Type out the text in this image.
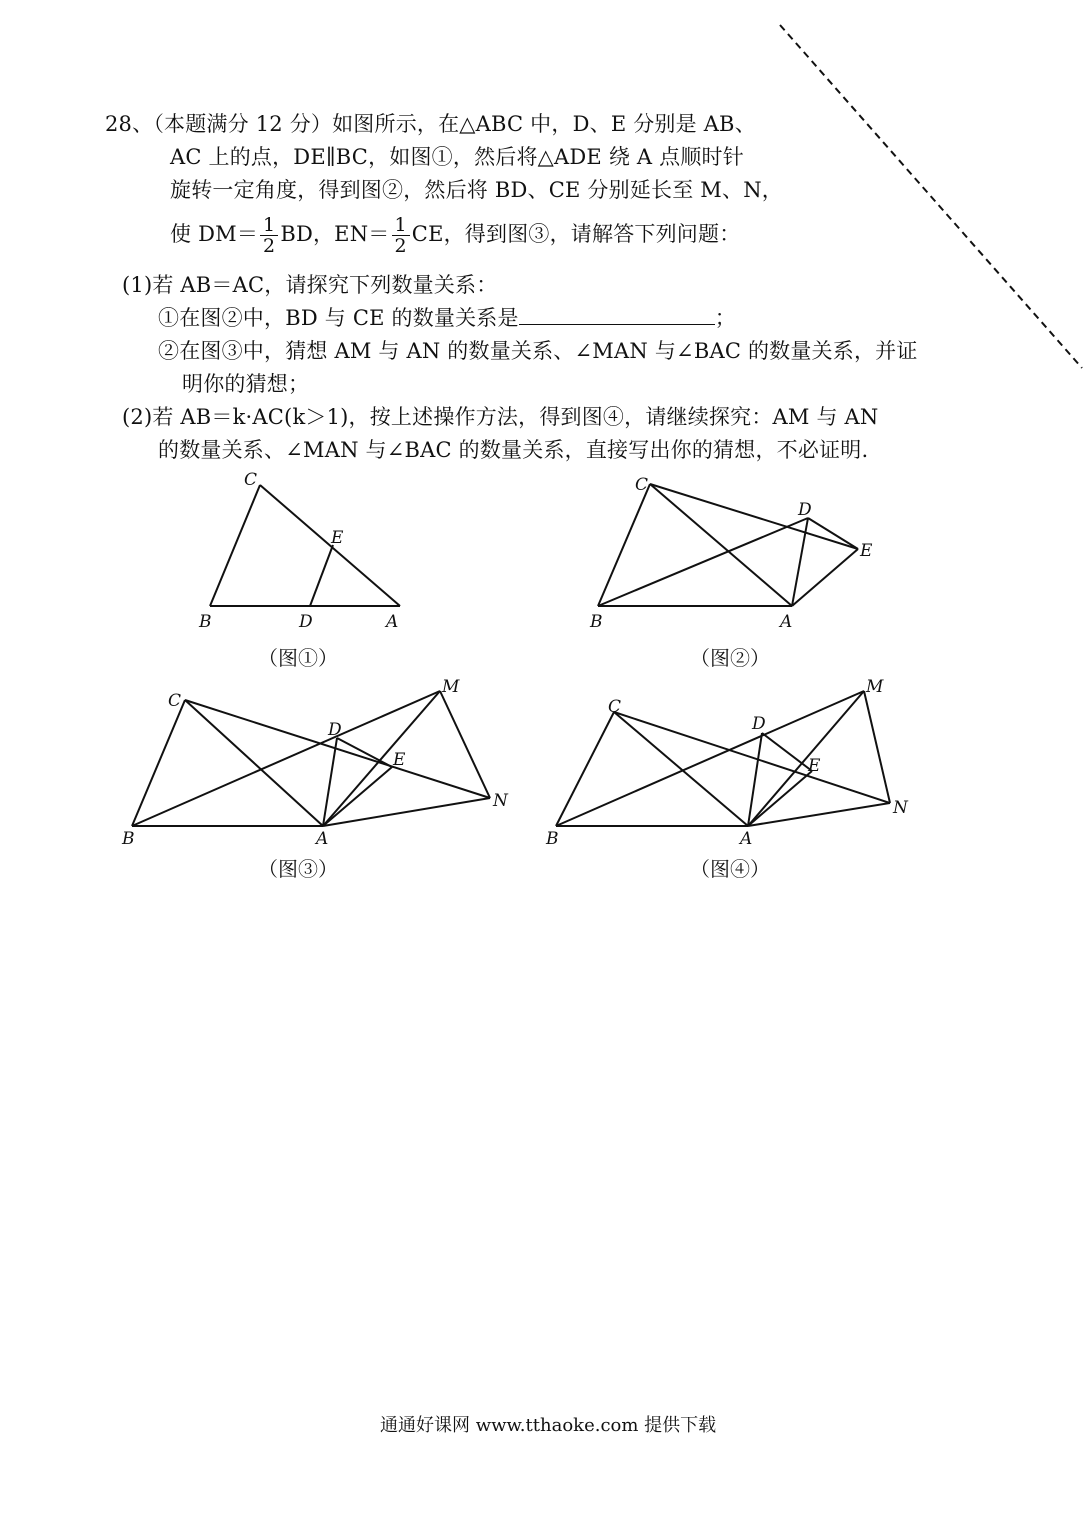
28、（本题满分 12 分）如图所示，在△ABC 中，D、E 分别是 AB、
AC 上的点，DE∥BC，如图①，然后将△ADE 绕 A 点顺时针
旋转一定角度，得到图②，然后将 BD、CE 分别延长至 M、N，
使 $DM= \frac{1}{2}$ BD，$EN= \frac{1}{2}$ CE，得到图③，请解答下列问题：
(1)若 AB＝AC，请探究下列数量关系：
①在图②中，BD 与 CE 的数量关系是	；
②在图③中，猜想 AM 与 AN 的数量关系、∠MAN 与∠BAC 的数量关系，并证
明你的猜想；
(2)若 AB＝k·AC(k＞1)，按上述操作方法，得到图④，请继续探究：AM 与 AN
的数量关系、∠MAN 与∠BAC 的数量关系，直接写出你的猜想，不必证明.
C
E
B	D	A
（图①）
C
D
E
B	A
（图②）
C
D
E
M
N
B	A
（图③）
C
D
E
M
N
B	A
（图④）
通通好课网 www.tthaoke.com 提供下载
